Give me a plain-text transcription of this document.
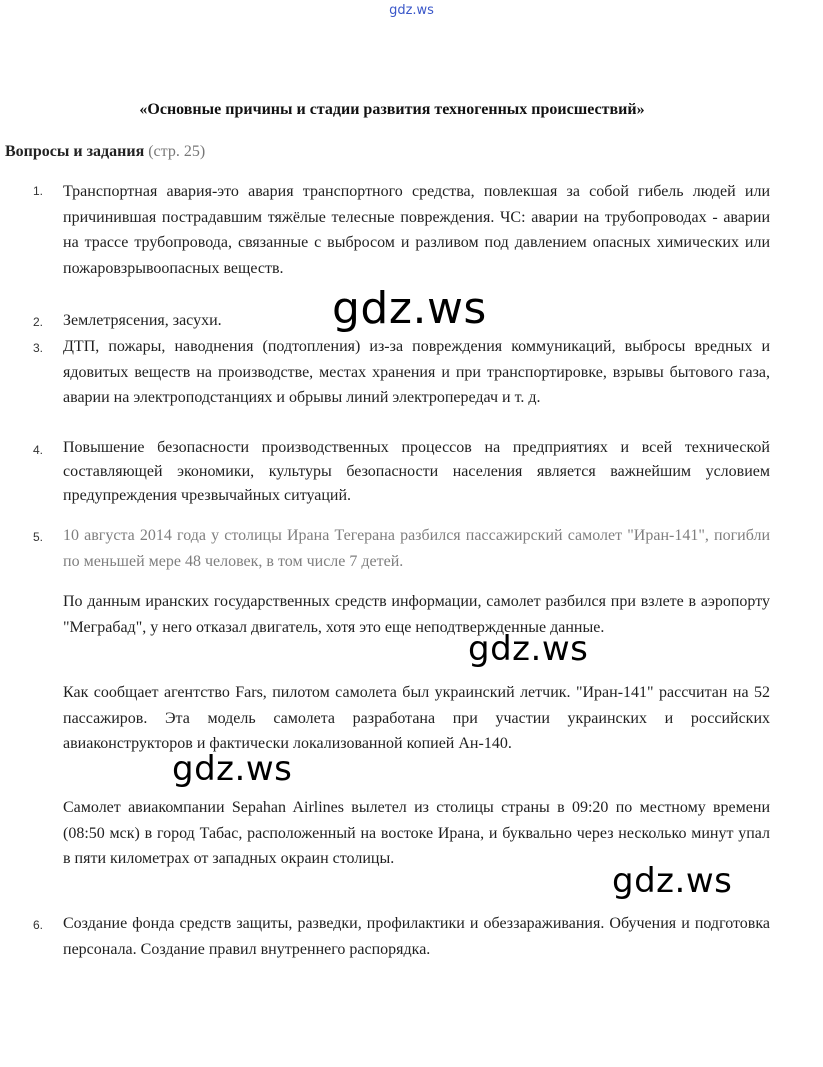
gdz.ws
«Основные причины и стадии развития техногенных происшествий»
Вопросы и задания (стр. 25)
1. Транспортная авария-это авария транспортного средства, повлекшая за собой гибель людей или причинившая пострадавшим тяжёлые телесные повреждения. ЧС: аварии на трубопроводах - аварии на трассе трубопровода, связанные с выбросом и разливом под давлением опасных химических или пожаровзрывоопасных веществ.

2. Землетрясения, засухи.

3. ДТП, пожары, наводнения (подтопления) из-за повреждения коммуникаций, выбросы вредных и ядовитых веществ на производстве, местах хранения и при транспортировке, взрывы бытового газа, аварии на электроподстанциях и обрывы линий электропередач и т. д.

4. Повышение безопасности производственных процессов на предприятиях и всей технической составляющей экономики, культуры безопасности населения является важнейшим условием предупреждения чрезвычайных ситуаций.

5. 10 августа 2014 года у столицы Ирана Тегерана разбился пассажирский самолет "Иран-141", погибли по меньшей мере 48 человек, в том числе 7 детей.

По данным иранских государственных средств информации, самолет разбился при взлете в аэропорту "Меграбад", у него отказал двигатель, хотя это еще неподтвержденные данные.

Как сообщает агентство Fars, пилотом самолета был украинский летчик. "Иран-141" рассчитан на 52 пассажиров. Эта модель самолета разработана при участии украинских и российских авиаконструкторов и фактически локализованной копией Ан-140.

Самолет авиакомпании Sepahan Airlines вылетел из столицы страны в 09:20 по местному времени (08:50 мск) в город Табас, расположенный на востоке Ирана, и буквально через несколько минут упал в пяти километрах от западных окраин столицы.

6. Создание фонда средств защиты, разведки, профилактики и обеззараживания. Обучения и подготовка персонала. Создание правил внутреннего распорядка.

gdz.ws
gdz.ws
gdz.ws
gdz.ws
